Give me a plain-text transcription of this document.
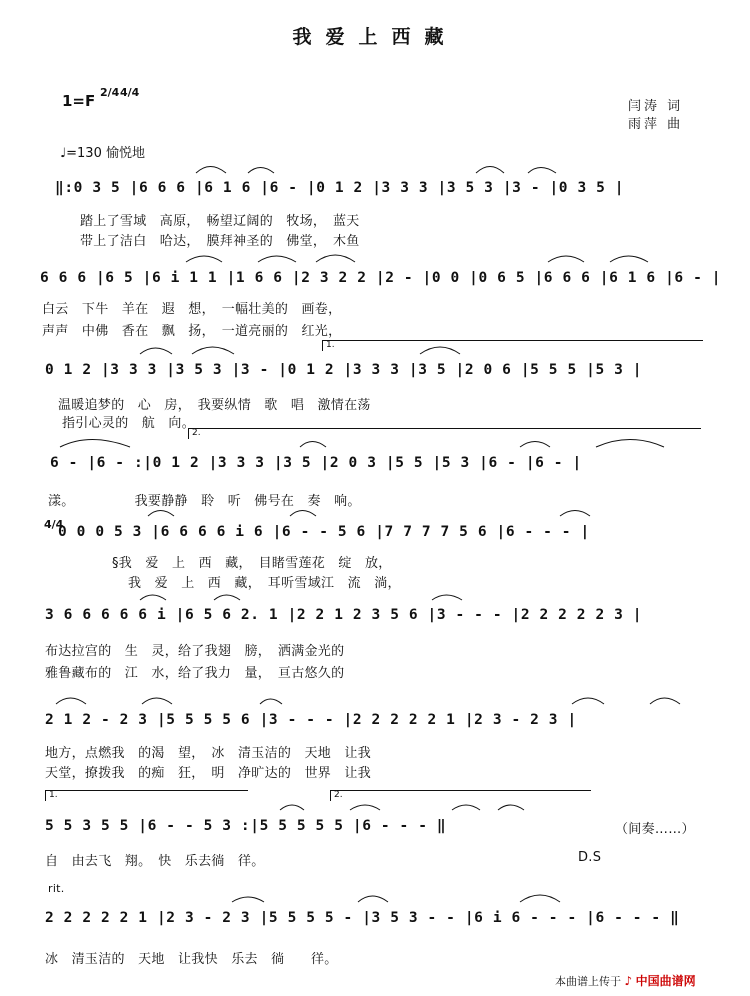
我爱上西藏
1=F 2/4 4/4
闫涛 词
雨萍 曲
♩=130 愉悦地
‖:0 3 5 |6 6 6 |6 1 6 |6 - |0 1 2 |3 3 3 |3 5 3 |3 - |0 3 5 |
踏上了雪域　高原，　畅望辽阔的　牧场，　蓝天
带上了洁白　哈达，　膜拜神圣的　佛堂，　木鱼
6 6 6 |6 5 |6 i 1 1 |1 6 6 |2 3 2 2 |2 - |0 0 |0 6 5 |6 6 6 |6 1 6 |6 - |
白云　下牛　羊在　遐　想，　一幅壮美的　画卷，
声声　中佛　香在　飘　扬，　一道亮丽的　红光，
1.
0 1 2 |3 3 3 |3 5 3 |3 - |0 1 2 |3 3 3 |3 5 |2 0 6 |5 5 5 |5 3 |
温暖追梦的　心　房，　我要纵情　歌　唱　激情在荡
指引心灵的　航　向。
2.
6 - |6 - :|0 1 2 |3 3 3 |3 5 |2 0 3 |5 5 |5 3 |6 - |6 - |
漾。　　　　　我要静静　聆　听　佛号在　奏　响。
4/4
0 0 0 5 3 |6 6 6 6 i 6 |6 - - 5 6 |7 7 7 7 5 6 |6 - - - |
§我　爱　上　西　藏，　目睹雪莲花　绽　放，
我　爱　上　西　藏，　耳听雪域江　流　淌，
3 6 6 6 6 6 i |6 5 6 2. 1 |2 2 1 2 3 5 6 |3 - - - |2 2 2 2 2 3 |
布达拉宫的　生　灵，给了我翅　膀，　洒满金光的
雅鲁藏布的　江　水，给了我力　量，　亘古悠久的
2 1 2 - 2 3 |5 5 5 5 6 |3 - - - |2 2 2 2 2 1 |2 3 - 2 3 |
地方，点燃我　的渴　望，　冰　清玉洁的　天地　让我
天堂，撩拨我　的痴　狂，　明　净旷达的　世界　让我
1.	2.
5 5 3 5 5 |6 - - 5 3 :|5 5 5 5 5 |6 - - - ‖	（间奏……）
自　由去飞　翔。　快　乐去徜　徉。	D.S
rit.
2 2 2 2 2 1 |2 3 - 2 3 |5 5 5 5 - |3 5 3 - - |6 i 6 - - - |6 - - - ‖
冰　清玉洁的　天地　让我快　乐去　徜　　徉。
本曲谱上传于 ♪ 中国曲谱网
